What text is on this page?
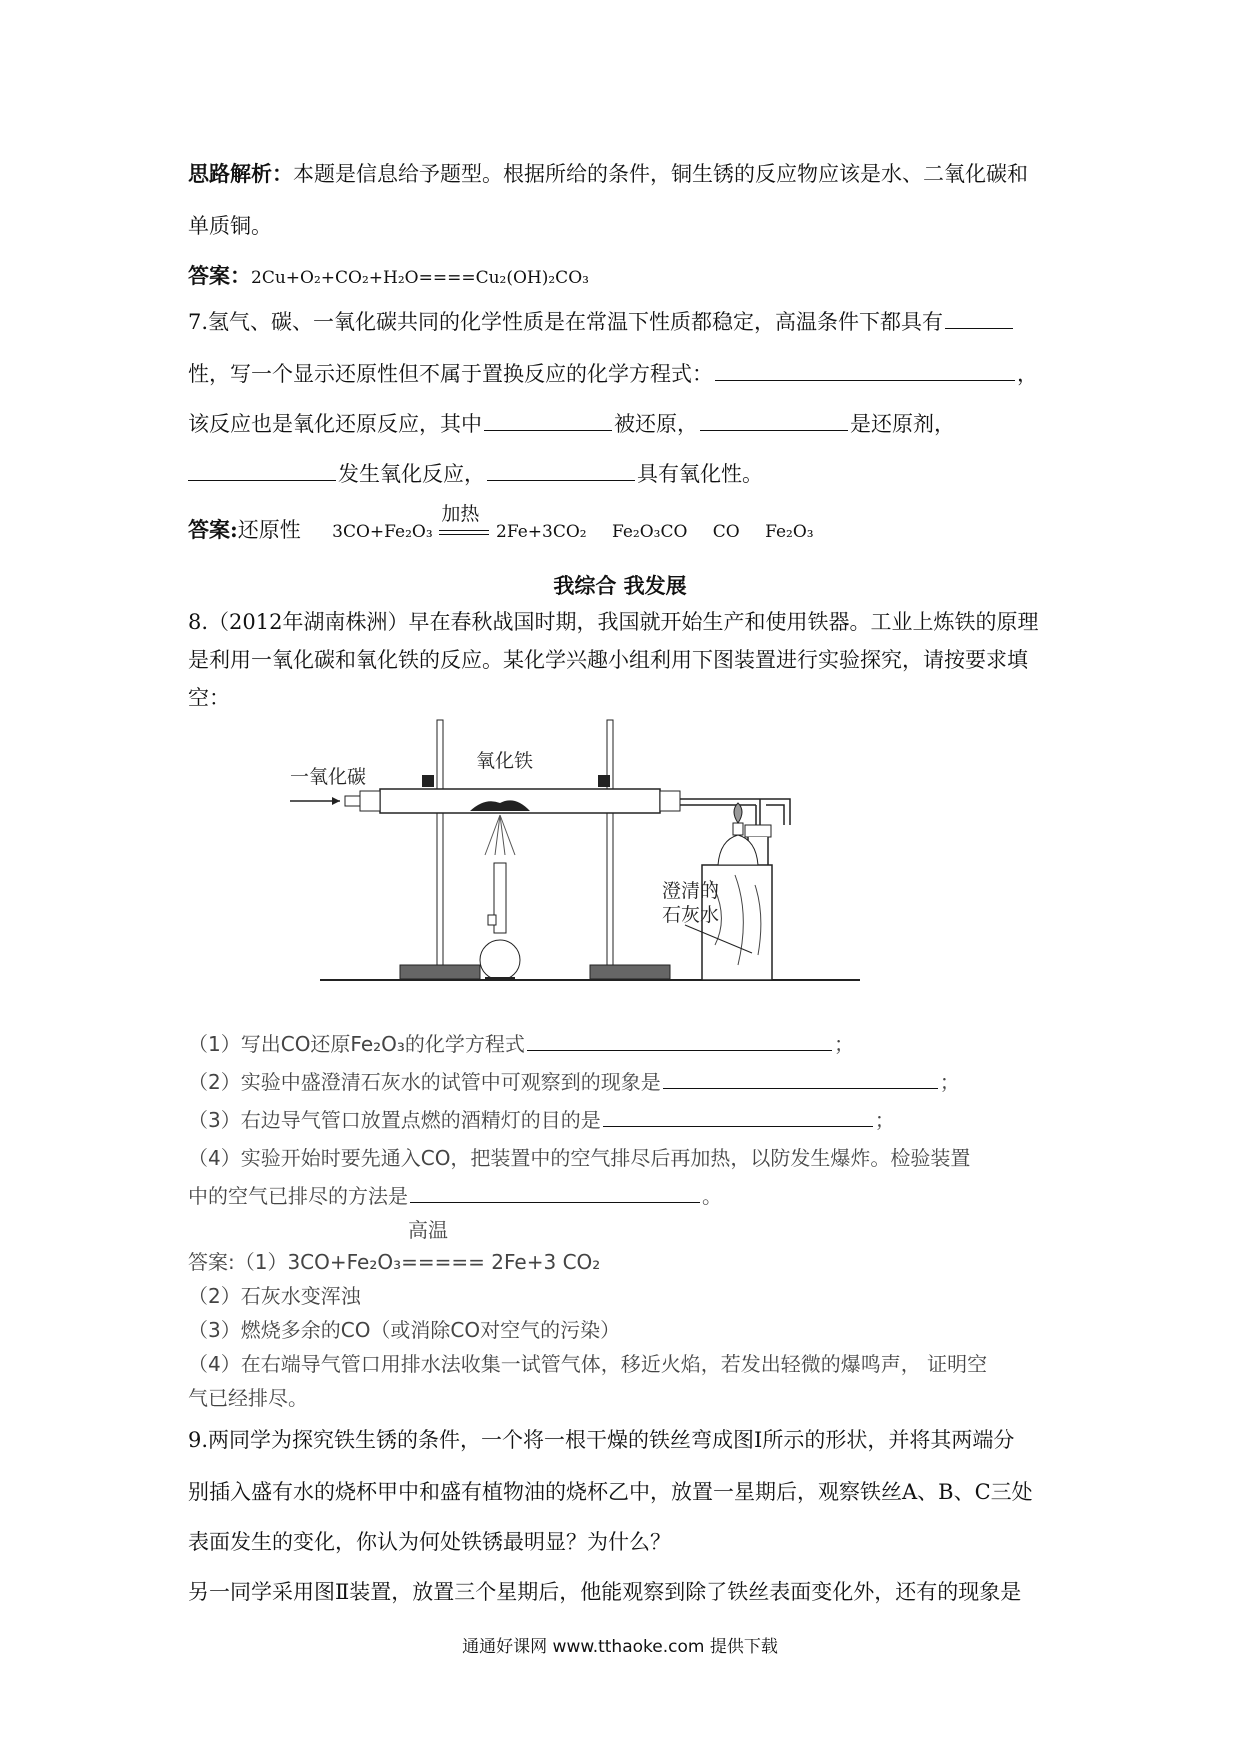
思路解析：本题是信息给予题型。根据所给的条件，铜生锈的反应物应该是水、二氧化碳和
单质铜。
答案：2Cu+O₂+CO₂+H₂O====Cu₂(OH)₂CO₃
7.氢气、碳、一氧化碳共同的化学性质是在常温下性质都稳定，高温条件下都具有
性，写一个显示还原性但不属于置换反应的化学方程式：	，
该反应也是氧化还原反应，其中	被还原，	是还原剂，
发生氧化反应，	具有氧化性。
答案:还原性 3CO+Fe₂O₃
加热
2Fe+3CO₂ Fe₂O₃CO CO Fe₂O₃
我综合 我发展
8.（2012年湖南株洲）早在春秋战国时期，我国就开始生产和使用铁器。工业上炼铁的原理
是利用一氧化碳和氧化铁的反应。某化学兴趣小组利用下图装置进行实验探究，请按要求填
空：
一氧化碳
氧化铁
澄清的
石灰水
（1）写出CO还原Fe₂O₃的化学方程式	；
（2）实验中盛澄清石灰水的试管中可观察到的现象是	；
（3）右边导气管口放置点燃的酒精灯的目的是	；
（4）实验开始时要先通入CO，把装置中的空气排尽后再加热，以防发生爆炸。检验装置
中的空气已排尽的方法是	。
高温
答案:（1）3CO+Fe₂O₃===== 2Fe+3 CO₂
（2）石灰水变浑浊
（3）燃烧多余的CO（或消除CO对空气的污染）
（4）在右端导气管口用排水法收集一试管气体，移近火焰，若发出轻微的爆鸣声， 证明空
气已经排尽。
9.两同学为探究铁生锈的条件，一个将一根干燥的铁丝弯成图Ⅰ所示的形状，并将其两端分
别插入盛有水的烧杯甲中和盛有植物油的烧杯乙中，放置一星期后，观察铁丝A、B、C三处
表面发生的变化，你认为何处铁锈最明显？为什么？
另一同学采用图Ⅱ装置，放置三个星期后，他能观察到除了铁丝表面变化外，还有的现象是
通通好课网 www.tthaoke.com 提供下载
